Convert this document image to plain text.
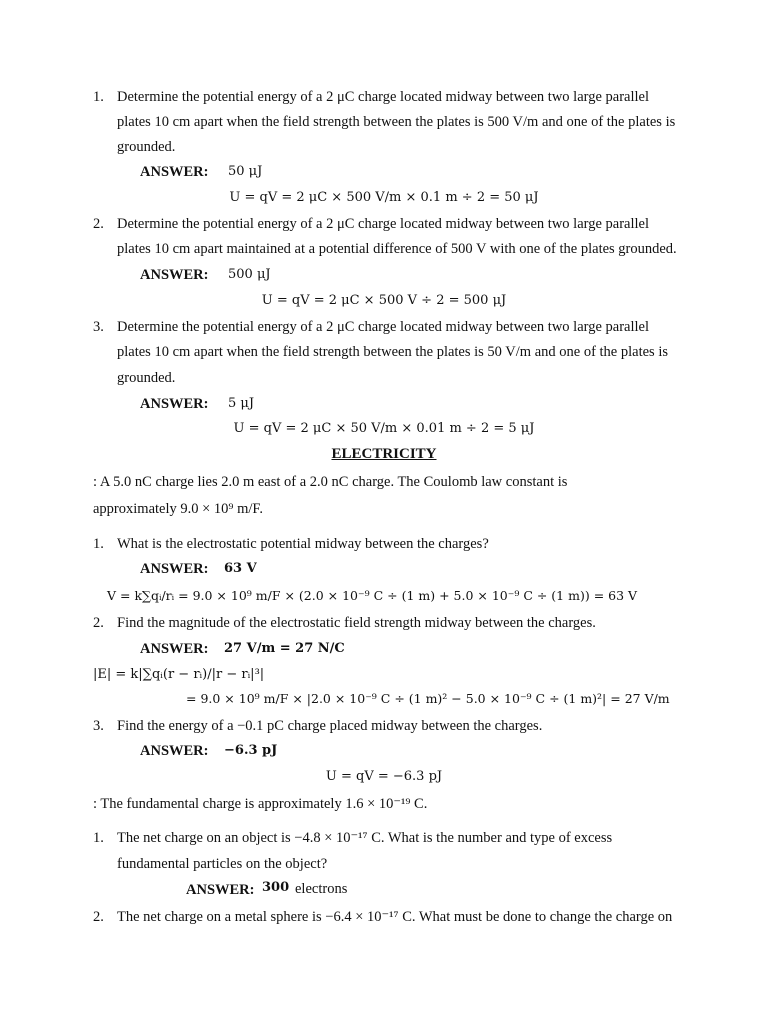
1. Determine the potential energy of a 2 μC charge located midway between two large parallel
plates 10 cm apart when the field strength between the plates is 500 V/m and one of the plates is
grounded.
ANSWER: 50 μJ
U = qV = 2 μC × 500 V/m × 0.1 m ÷ 2 = 50 μJ
2. Determine the potential energy of a 2 μC charge located midway between two large parallel
plates 10 cm apart maintained at a potential difference of 500 V with one of the plates grounded.
ANSWER: 500 μJ
U = qV = 2 μC × 500 V ÷ 2 = 500 μJ
3. Determine the potential energy of a 2 μC charge located midway between two large parallel
plates 10 cm apart when the field strength between the plates is 50 V/m and one of the plates is
grounded.
ANSWER: 5 μJ
U = qV = 2 μC × 50 V/m × 0.01 m ÷ 2 = 5 μJ
ELECTRICITY
: A 5.0 nC charge lies 2.0 m east of a 2.0 nC charge. The Coulomb law constant is
approximately 9.0 × 10⁹ m/F.
1. What is the electrostatic potential midway between the charges?
ANSWER: 63 V
V = k∑qᵢ/rᵢ = 9.0 × 10⁹ m/F × (2.0 × 10⁻⁹ C ÷ (1 m) + 5.0 × 10⁻⁹ C ÷ (1 m)) = 63 V
2. Find the magnitude of the electrostatic field strength midway between the charges.
ANSWER: 27 V/m = 27 N/C
|E| = k|∑qᵢ(r − rᵢ)/|r − rᵢ|³|
= 9.0 × 10⁹ m/F × |2.0 × 10⁻⁹ C ÷ (1 m)² − 5.0 × 10⁻⁹ C ÷ (1 m)²| = 27 V/m
3. Find the energy of a −0.1 pC charge placed midway between the charges.
ANSWER: −6.3 pJ
U = qV = −6.3 pJ
: The fundamental charge is approximately 1.6 × 10⁻¹⁹ C.
1. The net charge on an object is −4.8 × 10⁻¹⁷ C. What is the number and type of excess
fundamental particles on the object?
ANSWER: 300 electrons
2. The net charge on a metal sphere is −6.4 × 10⁻¹⁷ C. What must be done to change the charge on
